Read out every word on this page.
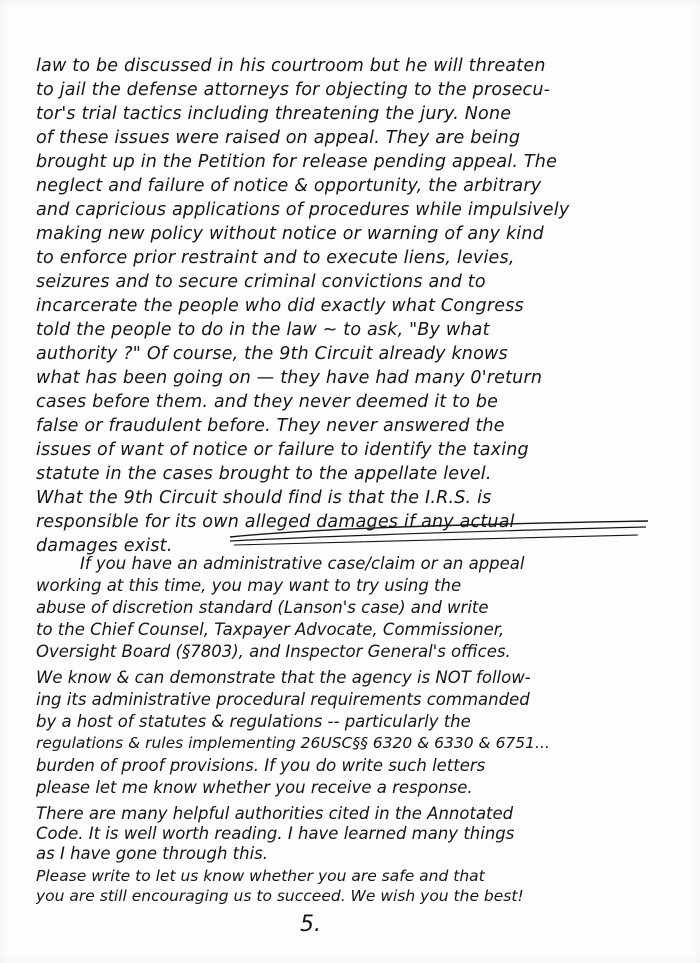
law to be discussed in his courtroom but he will threaten
to jail the defense attorneys for objecting to the prosecu-
tor's trial tactics including threatening the jury. None
of these issues were raised on appeal. They are being
brought up in the Petition for release pending appeal. The
neglect and failure of notice & opportunity, the arbitrary
and capricious applications of procedures while impulsively
making new policy without notice or warning of any kind
to enforce prior restraint and to execute liens, levies,
seizures and to secure criminal convictions and to
incarcerate the people who did exactly what Congress
told the people to do in the law ~ to ask, "By what
authority ?" Of course, the 9th Circuit already knows
what has been going on — they have had many 0'return
cases before them. and they never deemed it to be
false or fraudulent before. They never answered the
issues of want of notice or failure to identify the taxing
statute in the cases brought to the appellate level.
What the 9th Circuit should find is that the I.R.S. is
responsible for its own alleged damages if any actual
damages exist.
If you have an administrative case/claim or an appeal
working at this time, you may want to try using the
abuse of discretion standard (Lanson's case) and write
to the Chief Counsel, Taxpayer Advocate, Commissioner,
Oversight Board (§7803), and Inspector General's offices.
We know & can demonstrate that the agency is NOT follow-
ing its administrative procedural requirements commanded
by a host of statutes & regulations -- particularly the
regulations & rules implementing 26USC§§ 6320 & 6330 & 6751...
burden of proof provisions. If you do write such letters
please let me know whether you receive a response.
There are many helpful authorities cited in the Annotated
Code. It is well worth reading. I have learned many things
as I have gone through this.
Please write to let us know whether you are safe and that
you are still encouraging us to succeed. We wish you the best!
5.
